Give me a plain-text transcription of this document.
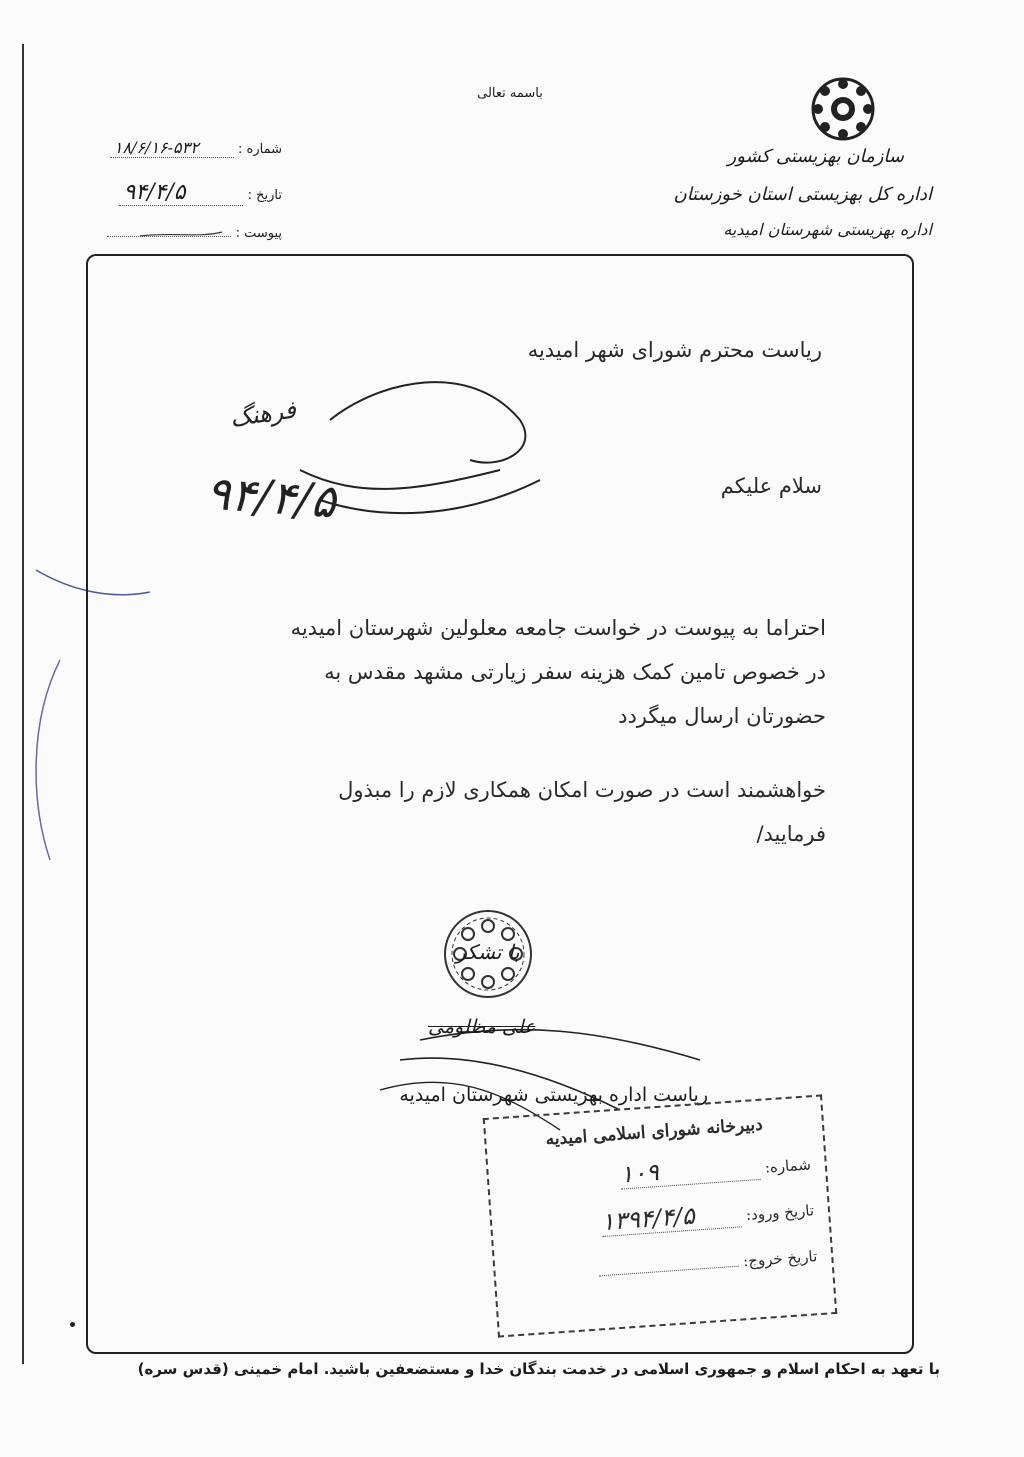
باسمه تعالی
سازمان بهزیستی کشور
اداره کل بهزیستی استان خوزستان
اداره بهزیستی شهرستان امیدیه
شماره : ۱۸/۶/۱۶-۵۳۲
تاریخ : ۹۴/۴/۵
پیوست :
ریاست محترم شورای شهر امیدیه
فرهنگ
۹۴/۴/۵	سلام علیکم
احتراما به پیوست در خواست جامعه معلولین شهرستان امیدیه
در خصوص تامین کمک هزینه سفر زیارتی مشهد مقدس به
حضورتان ارسال میگردد
خواهشمند است در صورت امکان همکاری لازم را مبذول
فرمایید/
با تشکر
علی مظلومی
ریاست اداره بهزیستی شهرستان امیدیه
دبیرخانه شورای اسلامی امیدیه
شماره: ۱۰۹
تاریخ ورود: ۱۳۹۴/۴/۵
تاریخ خروج:
با تعهد به احکام اسلام و جمهوری اسلامی در خدمت بندگان خدا و مستضعفین باشید. امام خمینی (قدس سره)
